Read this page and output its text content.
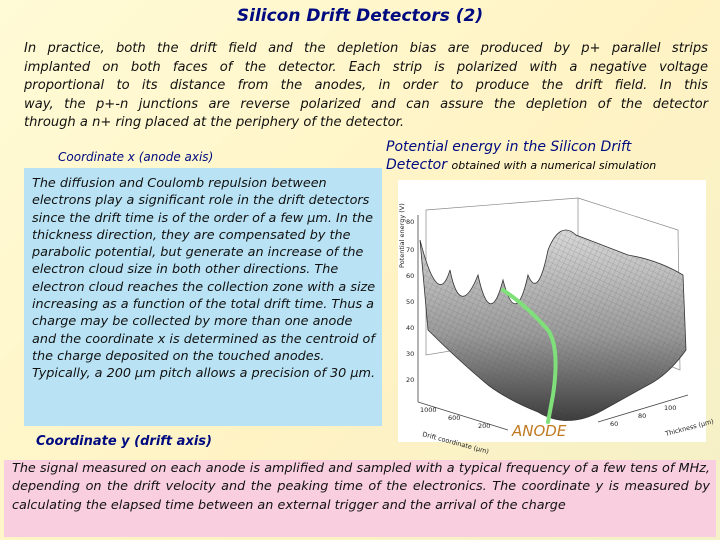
Silicon Drift Detectors (2)
In practice, both the drift field and the depletion bias are produced by p+ parallel strips
implanted on both faces of the detector. Each strip is polarized with a negative voltage
proportional to its distance from the anodes, in order to produce the drift field. In this
way, the p+-n junctions are reverse polarized and can assure the depletion of the detector
through a n+ ring placed at the periphery of the detector.
Coordinate x (anode axis)
The diffusion and Coulomb repulsion between electrons play a significant role in the drift detectors since the drift time is of the order of a few μm. In the thickness direction, they are compensated by the parabolic potential, but generate an increase of the electron cloud size in both other directions. The electron cloud reaches the collection zone with a size increasing as a function of the total drift time. Thus a charge may be collected by more than one anode and the coordinate x is determined as the centroid of the charge deposited on the touched anodes. Typically, a 200 μm pitch allows a precision of 30 μm.
Coordinate y (drift axis)
Potential energy in the Silicon Drift
Detector obtained with a numerical simulation
80
70
60
50
40
30
20
Potential energy (V)
1000
600
200
Drift coordinate (μm)
60
80
100
Thickness (μm)
ANODE
The signal measured on each anode is amplified and sampled with a typical frequency of a few tens of MHz, depending on the drift velocity and the peaking time of the electronics. The coordinate y is measured by calculating the elapsed time between an external trigger and the arrival of the charge
